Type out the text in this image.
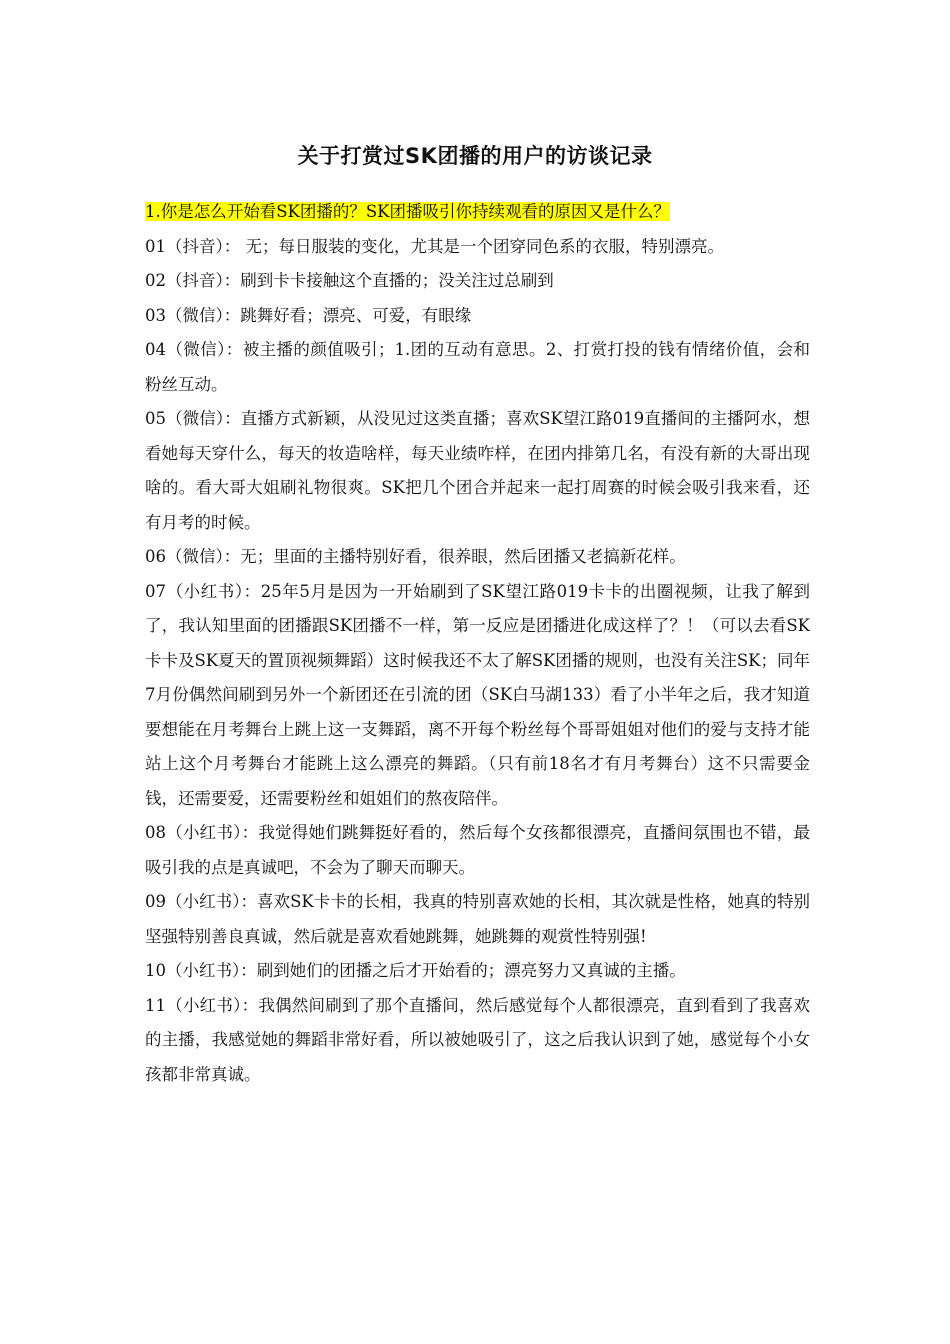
关于打赏过SK团播的用户的访谈记录
1.你是怎么开始看SK团播的？SK团播吸引你持续观看的原因又是什么？

01（抖音）： 无；每日服装的变化，尤其是一个团穿同色系的衣服，特别漂亮。

02（抖音）：刷到卡卡接触这个直播的；没关注过总刷到

03（微信）：跳舞好看；漂亮、可爱，有眼缘

04（微信）：被主播的颜值吸引；1.团的互动有意思。2、打赏打投的钱有情绪价值，会和粉丝互动。

05（微信）：直播方式新颖，从没见过这类直播；喜欢SK望江路019直播间的主播阿水，想看她每天穿什么，每天的妆造啥样，每天业绩咋样，在团内排第几名，有没有新的大哥出现啥的。看大哥大姐刷礼物很爽。SK把几个团合并起来一起打周赛的时候会吸引我来看，还有月考的时候。

06（微信）：无；里面的主播特别好看，很养眼，然后团播又老搞新花样。

07（小红书）：25年5月是因为一开始刷到了SK望江路019卡卡的出圈视频，让我了解到了，我认知里面的团播跟SK团播不一样，第一反应是团播进化成这样了？！（可以去看SK卡卡及SK夏天的置顶视频舞蹈）这时候我还不太了解SK团播的规则，也没有关注SK；同年7月份偶然间刷到另外一个新团还在引流的团（SK白马湖133）看了小半年之后，我才知道要想能在月考舞台上跳上这一支舞蹈，离不开每个粉丝每个哥哥姐姐对他们的爱与支持才能站上这个月考舞台才能跳上这么漂亮的舞蹈。（只有前18名才有月考舞台）这不只需要金钱，还需要爱，还需要粉丝和姐姐们的熬夜陪伴。

08（小红书）：我觉得她们跳舞挺好看的，然后每个女孩都很漂亮，直播间氛围也不错，最吸引我的点是真诚吧，不会为了聊天而聊天。

09（小红书）：喜欢SK卡卡的长相，我真的特别喜欢她的长相，其次就是性格，她真的特别坚强特别善良真诚，然后就是喜欢看她跳舞，她跳舞的观赏性特别强!

10（小红书）：刷到她们的团播之后才开始看的；漂亮努力又真诚的主播。

11（小红书）：我偶然间刷到了那个直播间，然后感觉每个人都很漂亮，直到看到了我喜欢的主播，我感觉她的舞蹈非常好看，所以被她吸引了，这之后我认识到了她，感觉每个小女孩都非常真诚。
